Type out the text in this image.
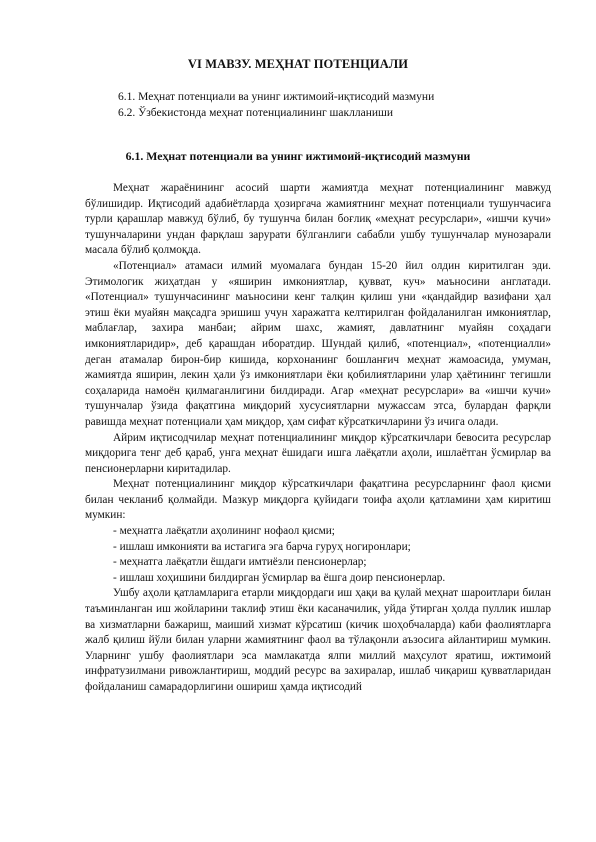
VI МАВЗУ. МЕҲНАТ ПОТЕНЦИАЛИ
6.1. Меҳнат потенциали ва унинг ижтимоий-иқтисодий мазмуни
6.2. Ўзбекистонда меҳнат потенциалининг шаклланиши
6.1. Меҳнат потенциали ва унинг ижтимоий-иқтисодий мазмуни

Меҳнат жараёнининг асосий шарти жамиятда меҳнат потенциалининг мавжуд бўлишидир. Иқтисодий адабиётларда ҳозиргача жамиятнинг меҳнат потенциали тушунчасига турли қарашлар мавжуд бўлиб, бу тушунча билан боғлиқ «меҳнат ресурслари», «ишчи кучи» тушунчаларини ундан фарқлаш зарурати бўлганлиги сабабли ушбу тушунчалар мунозарали масала бўлиб қолмоқда.

«Потенциал» атамаси илмий муомалага бундан 15-20 йил олдин киритилган эди. Этимологик жиҳатдан у «яширин имкониятлар, қувват, куч» маъносини англатади. «Потенциал» тушунчасининг маъносини кенг талқин қилиш уни «қандайдир вазифани ҳал этиш ёки муайян мақсадга эришиш учун харажатга келтирилган фойдаланилган имкониятлар, маблағлар, захира манбаи; айрим шахс, жамият, давлатнинг муайян соҳадаги имкониятларидир», деб қарашдан иборатдир. Шундай қилиб, «потенциал», «потенциалли» деган атамалар бирон-бир кишида, корхонанинг бошланғич меҳнат жамоасида, умуман, жамиятда яширин, лекин ҳали ўз имкониятлари ёки қобилиятларини улар ҳаётининг тегишли соҳаларида намоён қилмаганлигини билдиради. Агар «меҳнат ресурслари» ва «ишчи кучи» тушунчалар ўзида фақатгина миқдорий хусусиятларни мужассам этса, булардан фарқли равишда меҳнат потенциали ҳам миқдор, ҳам сифат кўрсаткичларини ўз ичига олади.

Айрим иқтисодчилар меҳнат потенциалининг миқдор кўрсаткичлари бевосита ресурслар миқдорига тенг деб қараб, унга меҳнат ёшидаги ишга лаёқатли аҳоли, ишлаётган ўсмирлар ва пенсионерларни киритадилар.

Меҳнат потенциалининг миқдор кўрсаткичлари фақатгина ресурсларнинг фаол қисми билан чекланиб қолмайди. Мазкур миқдорга қуйидаги тоифа аҳоли қатламини ҳам киритиш мумкин:

- меҳнатга лаёқатли аҳолининг нофаол қисми;

- ишлаш имконияти ва истагига эга барча гуруҳ ногиронлари;

- меҳнатга лаёқатли ёшдаги имтиёзли пенсионерлар;

- ишлаш хоҳишини билдирган ўсмирлар ва ёшга доир пенсионерлар.

Ушбу аҳоли қатламларига етарли миқдордаги иш ҳақи ва қулай меҳнат шароитлари билан таъминланган иш жойларини таклиф этиш ёки касаначилик, уйда ўтирган ҳолда пуллик ишлар ва хизматларни бажариш, маиший хизмат кўрсатиш (кичик шоҳобчаларда) каби фаолиятларга жалб қилиш йўли билан уларни жамиятнинг фаол ва тўлақонли аъзосига айлантириш мумкин. Уларнинг ушбу фаолиятлари эса мамлакатда ялпи миллий маҳсулот яратиш, ижтимоий инфратузилмани ривожлантириш, моддий ресурс ва захиралар, ишлаб чиқариш қувватларидан фойдаланиш самарадорлигини ошириш ҳамда иқтисодий
